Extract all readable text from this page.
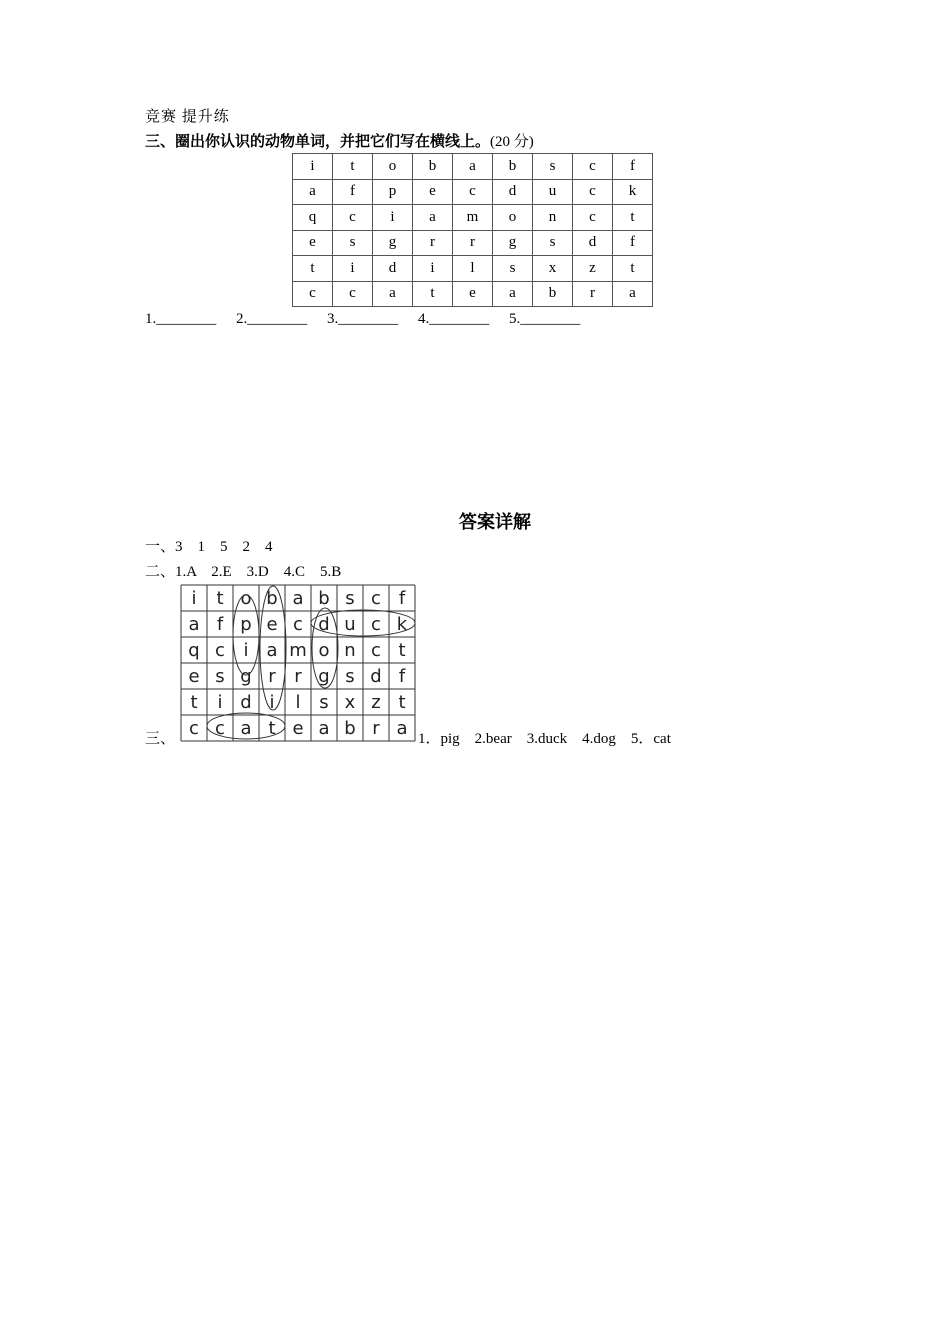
竞赛 提升练
三、圈出你认识的动物单词，并把它们写在横线上。(20 分)
i	t	o	b	a	b	s	c	f
a	f	p	e	c	d	u	c	k
q	c	i	a	m	o	n	c	t
e	s	g	r	r	g	s	d	f
t	i	d	i	l	s	x	z	t
c	c	a	t	e	a	b	r	a
1.________ 2.________ 3.________ 4.________ 5.________
答案详解
一、3　1　5　2　4
二、1.A　2.E　3.D　4.C　5.B
i t o b a b s c f
a f p e c d u c k
q c i a m o n c t
e s g r r g s d f
t i d i l s x z t
c c a t e a b r a
三、	1．pig　2.bear　3.duck　4.dog　5．cat
